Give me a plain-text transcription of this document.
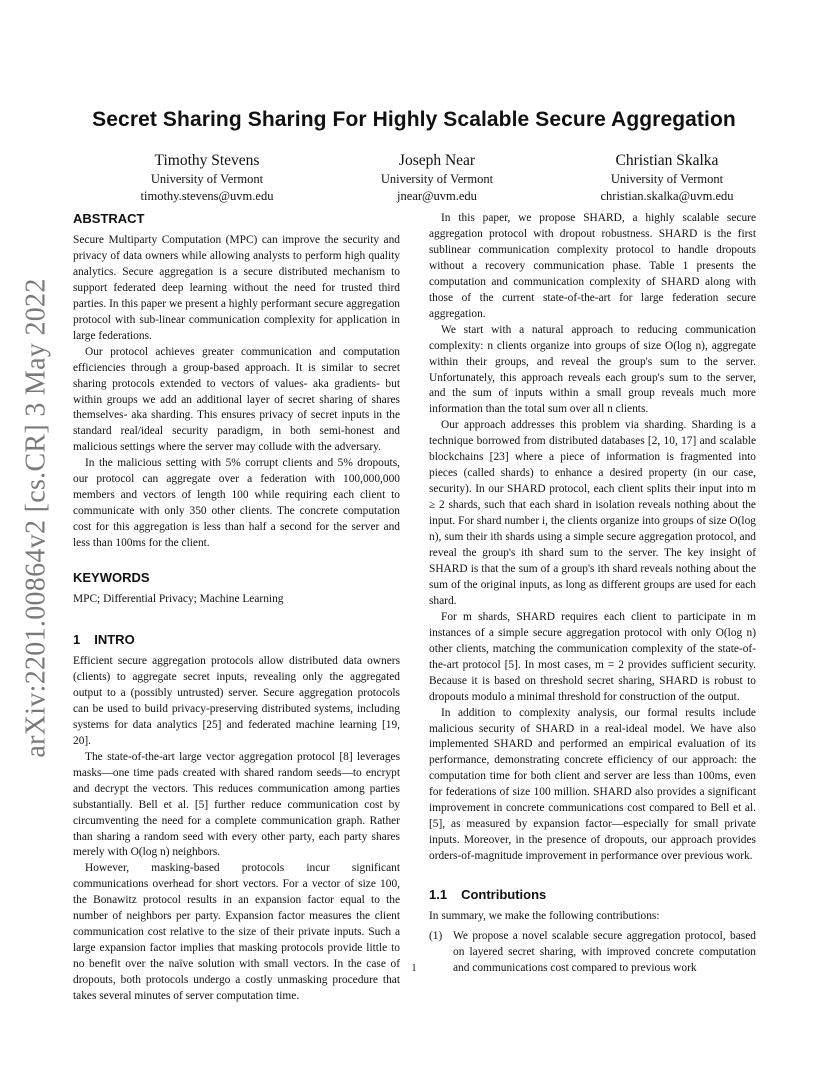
Secret Sharing Sharing For Highly Scalable Secure Aggregation
Timothy Stevens
University of Vermont
timothy.stevens@uvm.edu
Joseph Near
University of Vermont
jnear@uvm.edu
Christian Skalka
University of Vermont
christian.skalka@uvm.edu
arXiv:2201.00864v2 [cs.CR] 3 May 2022
ABSTRACT

Secure Multiparty Computation (MPC) can improve the security and privacy of data owners while allowing analysts to perform high quality analytics. Secure aggregation is a secure distributed mechanism to support federated deep learning without the need for trusted third parties. In this paper we present a highly performant secure aggregation protocol with sub-linear communication complexity for application in large federations.

Our protocol achieves greater communication and computation efficiencies through a group-based approach. It is similar to secret sharing protocols extended to vectors of values- aka gradients- but within groups we add an additional layer of secret sharing of shares themselves- aka sharding. This ensures privacy of secret inputs in the standard real/ideal security paradigm, in both semi-honest and malicious settings where the server may collude with the adversary.

In the malicious setting with 5% corrupt clients and 5% dropouts, our protocol can aggregate over a federation with 100,000,000 members and vectors of length 100 while requiring each client to communicate with only 350 other clients. The concrete computation cost for this aggregation is less than half a second for the server and less than 100ms for the client.

KEYWORDS

MPC; Differential Privacy; Machine Learning

1 INTRO

Efficient secure aggregation protocols allow distributed data owners (clients) to aggregate secret inputs, revealing only the aggregated output to a (possibly untrusted) server. Secure aggregation protocols can be used to build privacy-preserving distributed systems, including systems for data analytics [25] and federated machine learning [19, 20].

The state-of-the-art large vector aggregation protocol [8] leverages masks—one time pads created with shared random seeds—to encrypt and decrypt the vectors. This reduces communication among parties substantially. Bell et al. [5] further reduce communication cost by circumventing the need for a complete communication graph. Rather than sharing a random seed with every other party, each party shares merely with O(log n) neighbors.

However, masking-based protocols incur significant communications overhead for short vectors. For a vector of size 100, the Bonawitz protocol results in an expansion factor equal to the number of neighbors per party. Expansion factor measures the client communication cost relative to the size of their private inputs. Such a large expansion factor implies that masking protocols provide little to no benefit over the naïve solution with small vectors. In the case of dropouts, both protocols undergo a costly unmasking procedure that takes several minutes of server computation time.

In this paper, we propose SHARD, a highly scalable secure aggregation protocol with dropout robustness. SHARD is the first sublinear communication complexity protocol to handle dropouts without a recovery communication phase. Table 1 presents the computation and communication complexity of SHARD along with those of the current state-of-the-art for large federation secure aggregation.

We start with a natural approach to reducing communication complexity: n clients organize into groups of size O(log n), aggregate within their groups, and reveal the group's sum to the server. Unfortunately, this approach reveals each group's sum to the server, and the sum of inputs within a small group reveals much more information than the total sum over all n clients.

Our approach addresses this problem via sharding. Sharding is a technique borrowed from distributed databases [2, 10, 17] and scalable blockchains [23] where a piece of information is fragmented into pieces (called shards) to enhance a desired property (in our case, security). In our SHARD protocol, each client splits their input into m ≥ 2 shards, such that each shard in isolation reveals nothing about the input. For shard number i, the clients organize into groups of size O(log n), sum their ith shards using a simple secure aggregation protocol, and reveal the group's ith shard sum to the server. The key insight of SHARD is that the sum of a group's ith shard reveals nothing about the sum of the original inputs, as long as different groups are used for each shard.

For m shards, SHARD requires each client to participate in m instances of a simple secure aggregation protocol with only O(log n) other clients, matching the communication complexity of the state-of-the-art protocol [5]. In most cases, m = 2 provides sufficient security. Because it is based on threshold secret sharing, SHARD is robust to dropouts modulo a minimal threshold for construction of the output.

In addition to complexity analysis, our formal results include malicious security of SHARD in a real-ideal model. We have also implemented SHARD and performed an empirical evaluation of its performance, demonstrating concrete efficiency of our approach: the computation time for both client and server are less than 100ms, even for federations of size 100 million. SHARD also provides a significant improvement in concrete communications cost compared to Bell et al. [5], as measured by expansion factor—especially for small private inputs. Moreover, in the presence of dropouts, our approach provides orders-of-magnitude improvement in performance over previous work.

1.1 Contributions

In summary, we make the following contributions:

(1) We propose a novel scalable secure aggregation protocol, based on layered secret sharing, with improved concrete computation and communications cost compared to previous work
1
